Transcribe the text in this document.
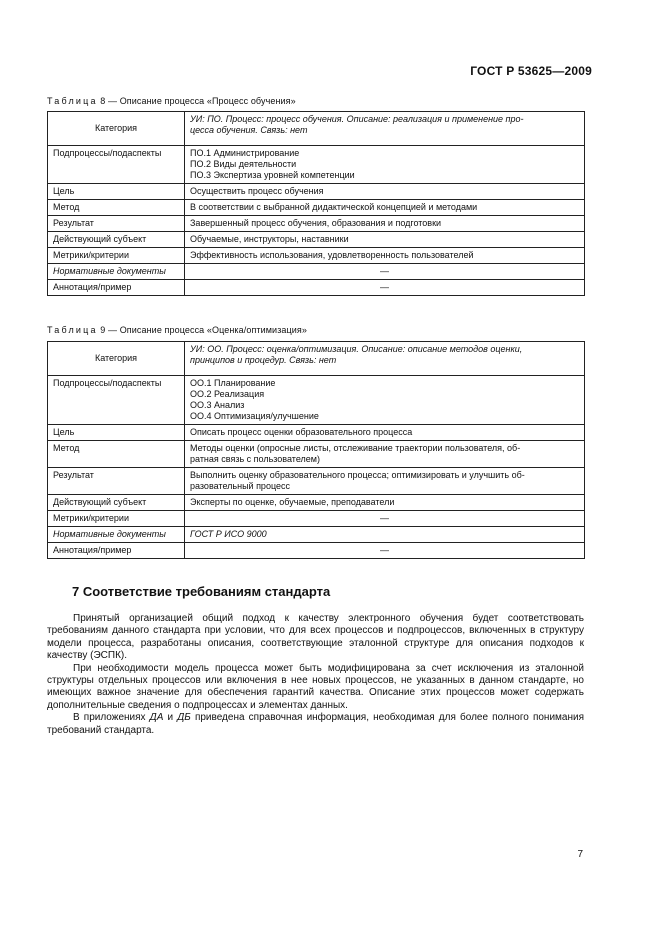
ГОСТ Р 53625—2009
Таблица 8 — Описание процесса «Процесс обучения»
Категория	УИ: ПО. Процесс: процесс обучения. Описание: реализация и применение про-
цесса обучения. Связь: нет

Подпроцессы/подаспекты	ПО.1 Администрирование
ПО.2 Виды деятельности
ПО.3 Экспертиза уровней компетенции

Цель	Осуществить процесс обучения
Метод	В соответствии с выбранной дидактической концепцией и методами
Результат	Завершенный процесс обучения, образования и подготовки
Действующий субъект	Обучаемые, инструкторы, наставники
Метрики/критерии	Эффективность использования, удовлетворенность пользователей
Нормативные документы	—
Аннотация/пример	—
Таблица 9 — Описание процесса «Оценка/оптимизация»
Категория	УИ: ОО. Процесс: оценка/оптимизация. Описание: описание методов оценки,
принципов и процедур. Связь: нет

Подпроцессы/подаспекты	ОО.1 Планирование
ОО.2 Реализация
ОО.3 Анализ
ОО.4 Оптимизация/улучшение

Цель	Описать процесс оценки образовательного процесса
Метод	Методы оценки (опросные листы, отслеживание траектории пользователя, об-
ратная связь с пользователем)

Результат	Выполнить оценку образовательного процесса; оптимизировать и улучшить об-
разовательный процесс

Действующий субъект	Эксперты по оценке, обучаемые, преподаватели
Метрики/критерии	—
Нормативные документы	ГОСТ Р ИСО 9000
Аннотация/пример	—
7 Соответствие требованиям стандарта

Принятый организацией общий подход к качеству электронного обучения будет соответствовать требованиям данного стандарта при условии, что для всех процессов и подпроцессов, включенных в структуру модели процесса, разработаны описания, соответствующие эталонной структуре для описания подходов к качеству (ЭСПК).

При необходимости модель процесса может быть модифицирована за счет исключения из эталонной структуры отдельных процессов или включения в нее новых процессов, не указанных в данном стандарте, но имеющих важное значение для обеспечения гарантий качества. Описание этих процессов может содержать дополнительные сведения о подпроцессах и элементах данных.

В приложениях ДА и ДБ приведена справочная информация, необходимая для более полного понимания требований стандарта.

7
